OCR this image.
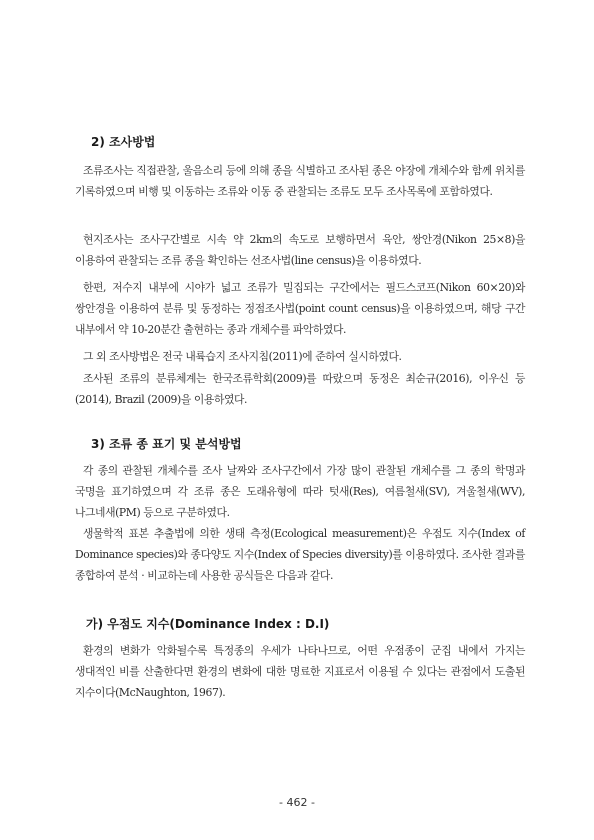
2) 조사방법

조류조사는 직접관찰, 울음소리 등에 의해 종을 식별하고 조사된 종은 야장에 개체수와 함께 위치를 기록하였으며 비행 및 이동하는 조류와 이동 중 관찰되는 조류도 모두 조사목록에 포함하였다.

현지조사는 조사구간별로 시속 약 2km의 속도로 보행하면서 육안, 쌍안경(Nikon 25×8)을 이용하여 관찰되는 조류 종을 확인하는 선조사법(line census)을 이용하였다.

한편, 저수지 내부에 시야가 넓고 조류가 밀집되는 구간에서는 필드스코프(Nikon 60×20)와 쌍안경을 이용하여 분류 및 동정하는 정점조사법(point count census)을 이용하였으며, 해당 구간 내부에서 약 10-20분간 출현하는 종과 개체수를 파악하였다.

그 외 조사방법은 전국 내륙습지 조사지침(2011)에 준하여 실시하였다.

조사된 조류의 분류체계는 한국조류학회(2009)를 따랐으며 동정은 최순규(2016), 이우신 등(2014), Brazil (2009)을 이용하였다.

3) 조류 종 표기 및 분석방법

각 종의 관찰된 개체수를 조사 날짜와 조사구간에서 가장 많이 관찰된 개체수를 그 종의 학명과 국명을 표기하였으며 각 조류 종은 도래유형에 따라 텃새(Res), 여름철새(SV), 겨울철새(WV), 나그네새(PM) 등으로 구분하였다.

생물학적 표본 추출법에 의한 생태 측정(Ecological measurement)은 우점도 지수(Index of Dominance species)와 종다양도 지수(Index of Species diversity)를 이용하였다. 조사한 결과를 종합하여 분석 · 비교하는데 사용한 공식들은 다음과 같다.

가) 우점도 지수(Dominance Index : D.I)

환경의 변화가 악화될수록 특정종의 우세가 나타나므로, 어떤 우점종이 군집 내에서 가지는 생대적인 비를 산출한다면 환경의 변화에 대한 명료한 지표로서 이용될 수 있다는 관점에서 도출된 지수이다(McNaughton, 1967).

- 462 -
